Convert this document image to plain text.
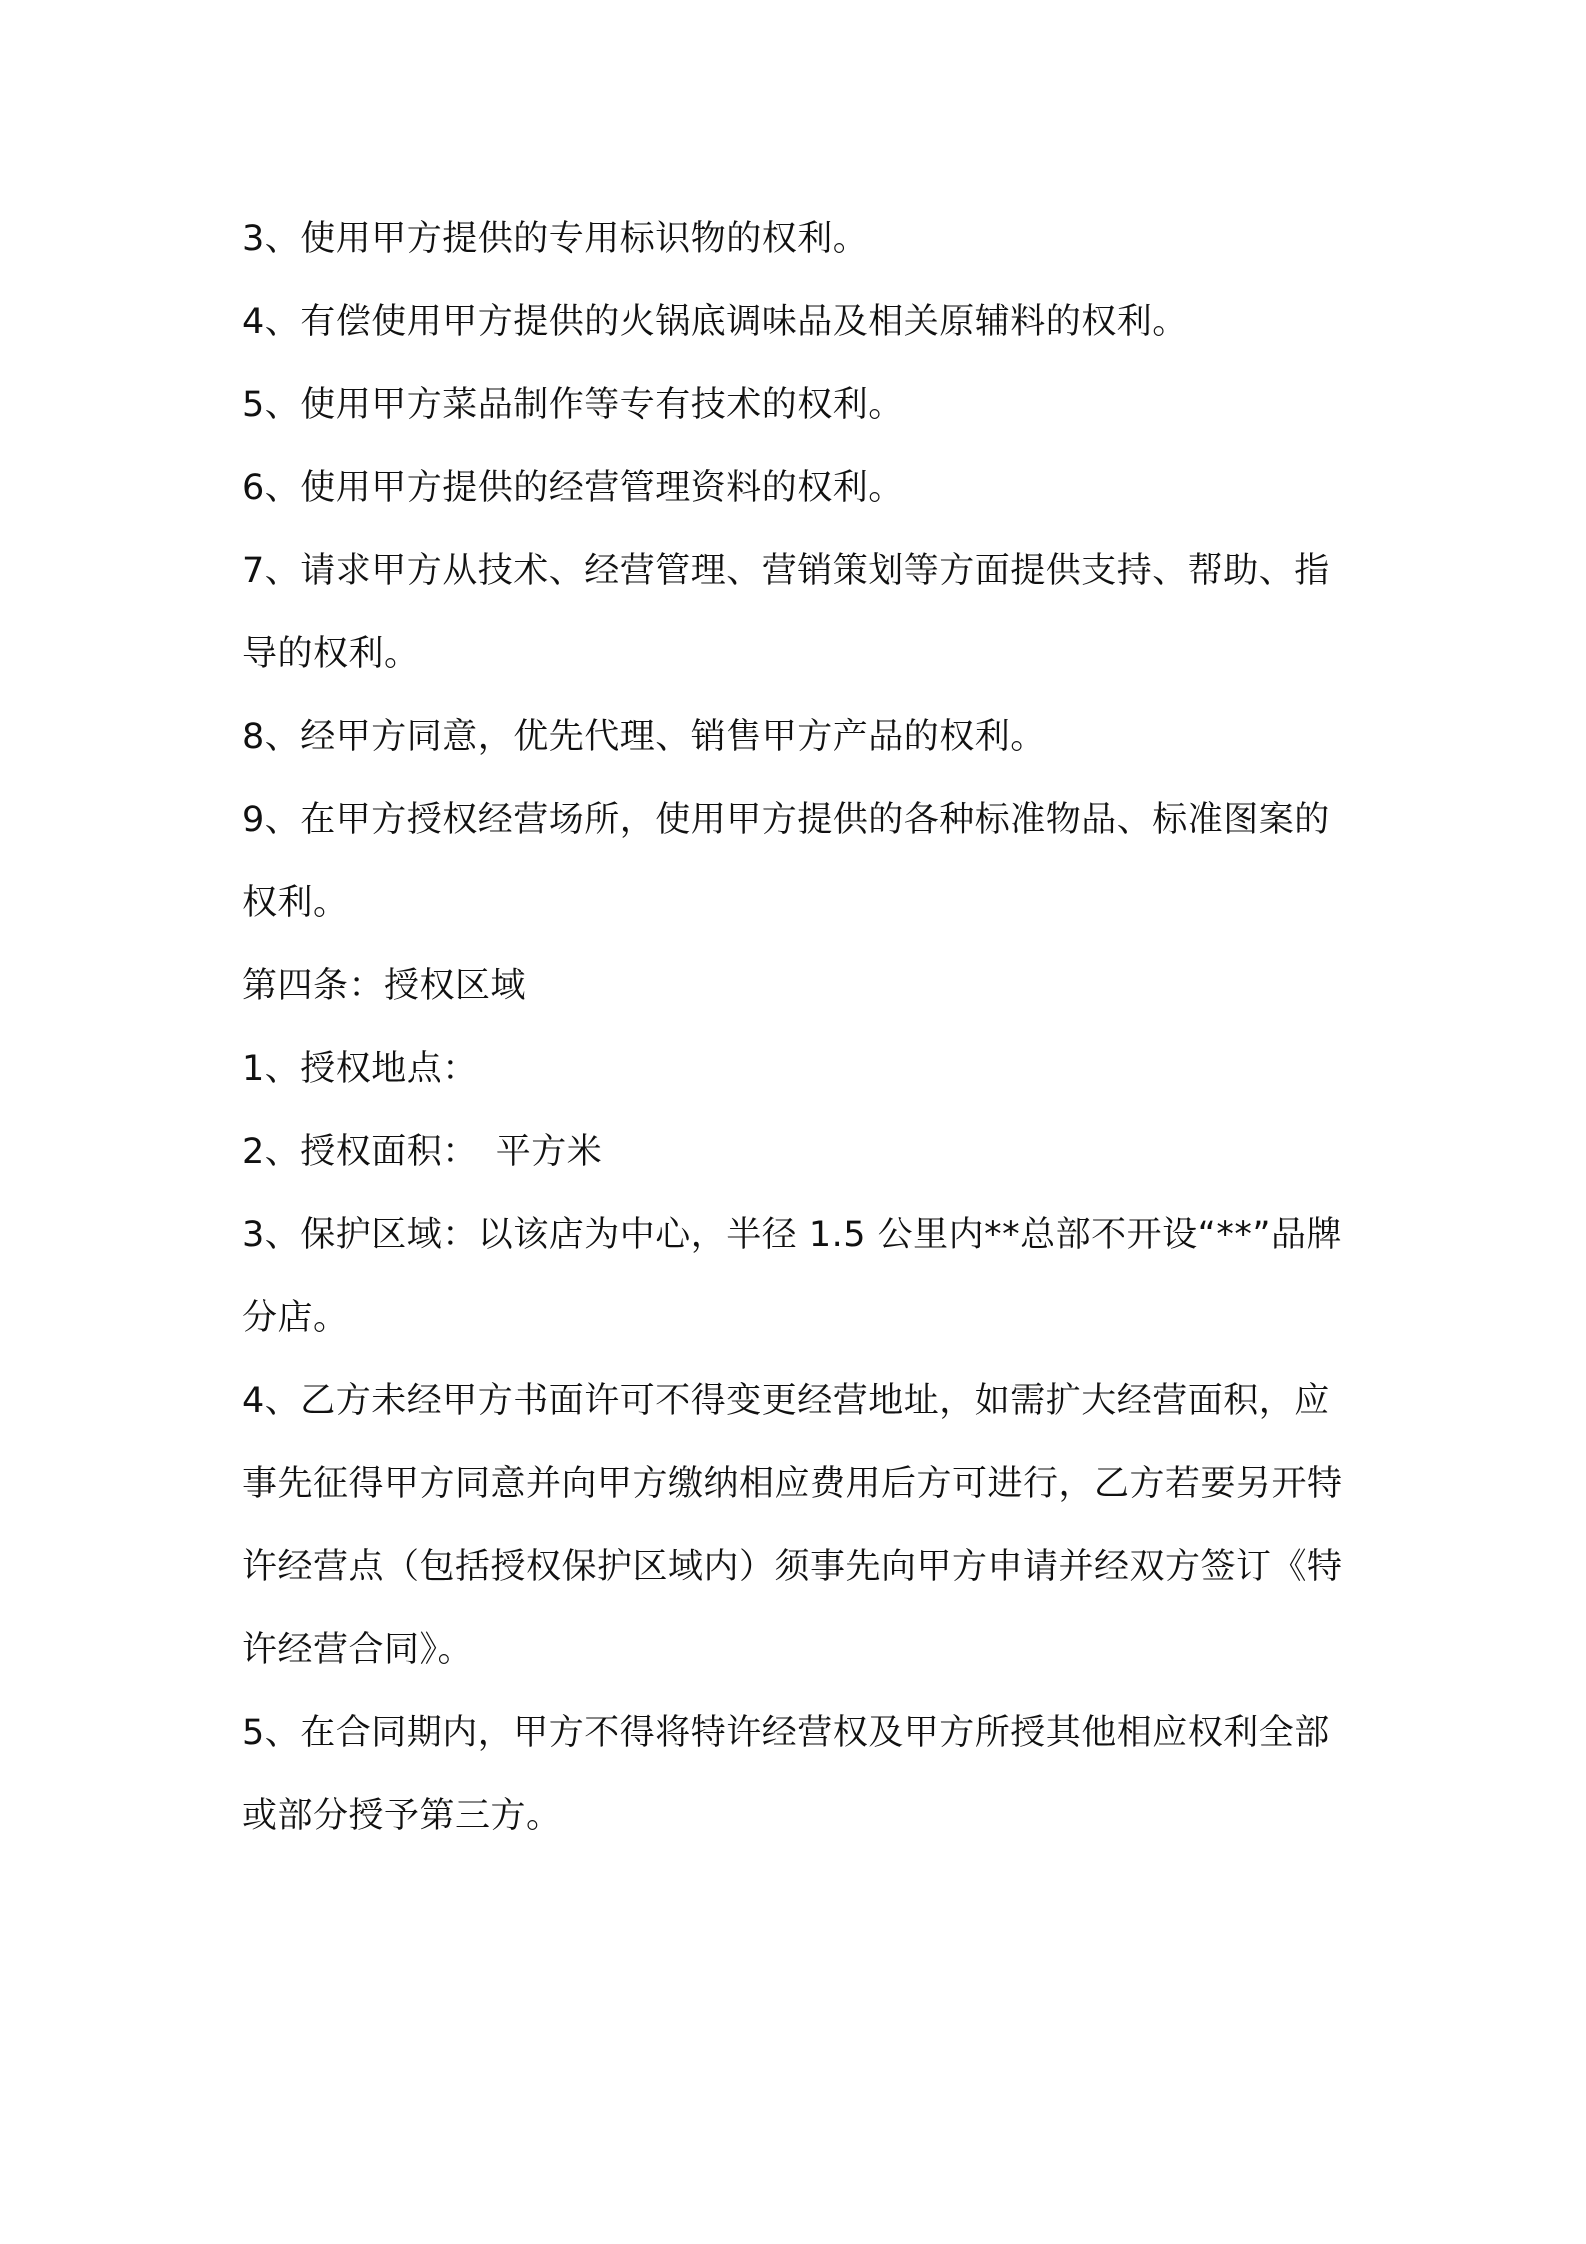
3、使用甲方提供的专用标识物的权利。

4、有偿使用甲方提供的火锅底调味品及相关原辅料的权利。

5、使用甲方菜品制作等专有技术的权利。

6、使用甲方提供的经营管理资料的权利。

7、请求甲方从技术、经营管理、营销策划等方面提供支持、帮助、指导的权利。

8、经甲方同意，优先代理、销售甲方产品的权利。

9、在甲方授权经营场所，使用甲方提供的各种标准物品、标准图案的权利。

第四条：授权区域

1、授权地点：

2、授权面积：　平方米

3、保护区域：以该店为中心，半径 1.5 公里内**总部不开设“**”品牌分店。

4、乙方未经甲方书面许可不得变更经营地址，如需扩大经营面积，应事先征得甲方同意并向甲方缴纳相应费用后方可进行，乙方若要另开特许经营点（包括授权保护区域内）须事先向甲方申请并经双方签订《特许经营合同》。

5、在合同期内，甲方不得将特许经营权及甲方所授其他相应权利全部或部分授予第三方。
